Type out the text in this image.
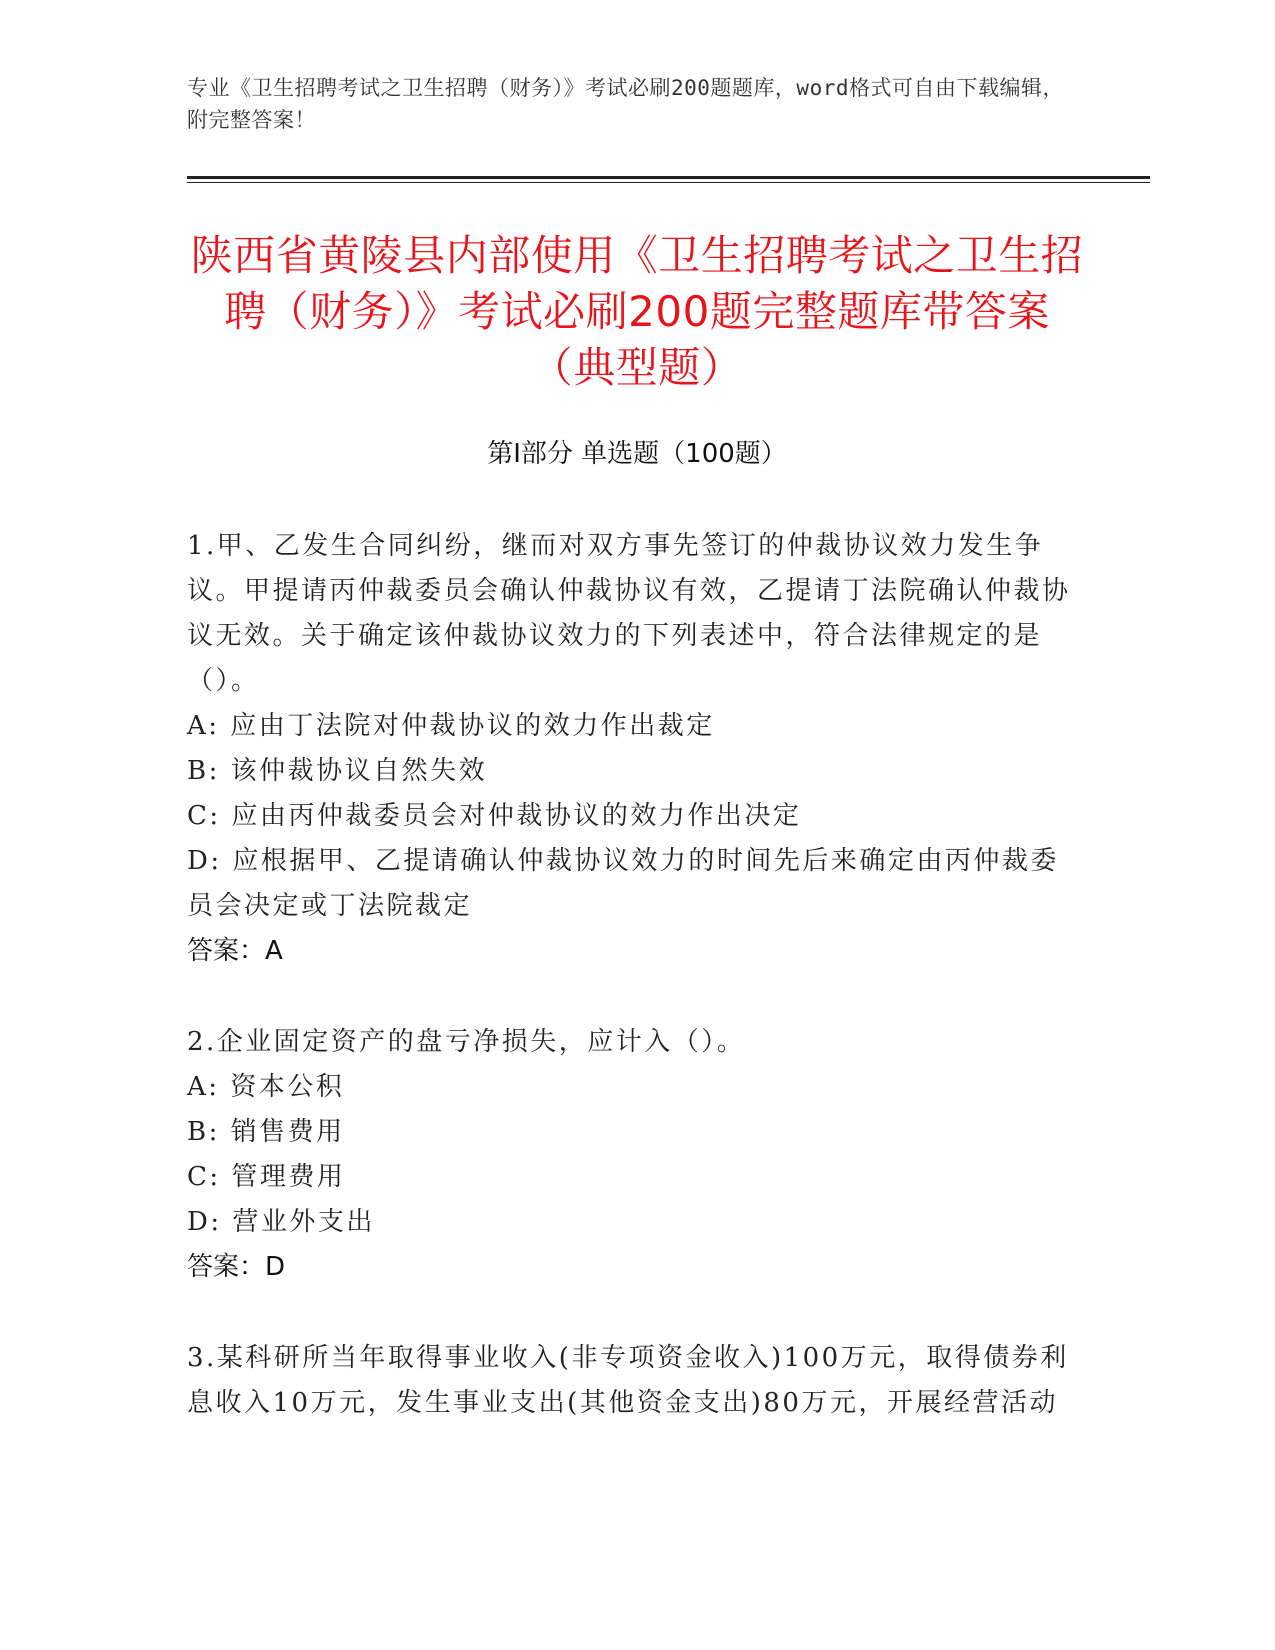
专业《卫生招聘考试之卫生招聘（财务）》考试必刷200题题库，word格式可自由下载编辑，附完整答案！
陕西省黄陵县内部使用《卫生招聘考试之卫生招聘（财务）》考试必刷200题完整题库带答案（典型题）
第Ⅰ部分 单选题（100题）

1.甲、乙发生合同纠纷，继而对双方事先签订的仲裁协议效力发生争议。甲提请丙仲裁委员会确认仲裁协议有效，乙提请丁法院确认仲裁协议无效。关于确定该仲裁协议效力的下列表述中，符合法律规定的是（）。

A: 应由丁法院对仲裁协议的效力作出裁定

B: 该仲裁协议自然失效

C: 应由丙仲裁委员会对仲裁协议的效力作出决定

D: 应根据甲、乙提请确认仲裁协议效力的时间先后来确定由丙仲裁委员会决定或丁法院裁定

答案：A

2.企业固定资产的盘亏净损失，应计入（）。

A: 资本公积

B: 销售费用

C: 管理费用

D: 营业外支出

答案：D

3.某科研所当年取得事业收入(非专项资金收入)100万元，取得债券利息收入10万元，发生事业支出(其他资金支出)80万元，开展经营活动
